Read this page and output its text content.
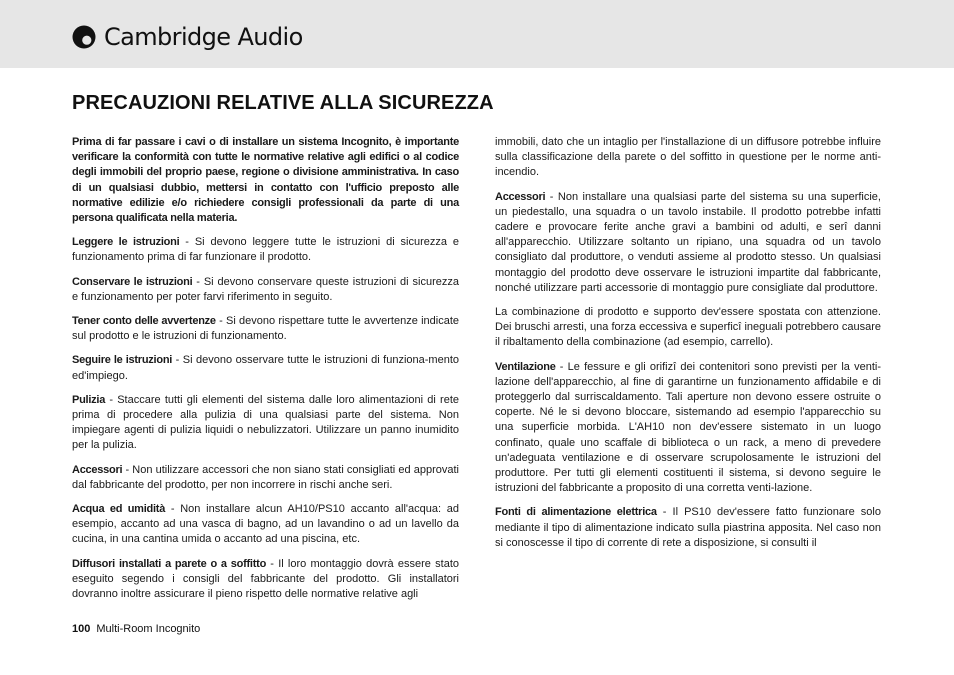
Cambridge Audio
PRECAUZIONI RELATIVE ALLA SICUREZZA

Prima di far passare i cavi o di installare un sistema Incognito, è importante verificare la conformità con tutte le normative relative agli edifici o al codice degli immobili del proprio paese, regione o divisione amministrativa. In caso di un qualsiasi dubbio, mettersi in contatto con l'ufficio preposto alle normative edilizie e/o richiedere consigli professionali da parte di una persona qualificata nella materia.

Leggere le istruzioni - Si devono leggere tutte le istruzioni di sicurezza e funzionamento prima di far funzionare il prodotto.

Conservare le istruzioni - Si devono conservare queste istruzioni di sicurezza e funzionamento per poter farvi riferimento in seguito.

Tener conto delle avvertenze - Si devono rispettare tutte le avvertenze indicate sul prodotto e le istruzioni di funzionamento.

Seguire le istruzioni - Si devono osservare tutte le istruzioni di funziona-mento ed'impiego.

Pulizia - Staccare tutti gli elementi del sistema dalle loro alimentazioni di rete prima di procedere alla pulizia di una qualsiasi parte del sistema. Non impiegare agenti di pulizia liquidi o nebulizzatori. Utilizzare un panno inumidito per la pulizia.

Accessori - Non utilizzare accessori che non siano stati consigliati ed approvati dal fabbricante del prodotto, per non incorrere in rischi anche seri.

Acqua ed umidità - Non installare alcun AH10/PS10 accanto all'acqua: ad esempio, accanto ad una vasca di bagno, ad un lavandino o ad un lavello da cucina, in una cantina umida o accanto ad una piscina, etc.

Diffusori installati a parete o a soffitto - Il loro montaggio dovrà essere stato eseguito segendo i consigli del fabbricante del prodotto. Gli installatori dovranno inoltre assicurare il pieno rispetto delle normative relative agli

immobili, dato che un intaglio per l'installazione di un diffusore potrebbe influire sulla classificazione della parete o del soffitto in questione per le norme anti-incendio.

Accessori - Non installare una qualsiasi parte del sistema su una superficie, un piedestallo, una squadra o un tavolo instabile. Il prodotto potrebbe infatti cadere e provocare ferite anche gravi a bambini od adulti, e serî danni all'apparecchio. Utilizzare soltanto un ripiano, una squadra od un tavolo consigliato dal produttore, o venduti assieme al prodotto stesso. Un qualsiasi montaggio del prodotto deve osservare le istruzioni impartite dal fabbricante, nonché utilizzare parti accessorie di montaggio pure consigliate dal produttore.

La combinazione di prodotto e supporto dev'essere spostata con attenzione. Dei bruschi arresti, una forza eccessiva e superficî ineguali potrebbero causare il ribaltamento della combinazione (ad esempio, carrello).

Ventilazione - Le fessure e gli orifizî dei contenitori sono previsti per la venti-lazione dell'apparecchio, al fine di garantirne un funzionamento affidabile e di proteggerlo dal surriscaldamento. Tali aperture non devono essere ostruite o coperte. Né le si devono bloccare, sistemando ad esempio l'apparecchio su una superficie morbida. L'AH10 non dev'essere sistemato in un luogo confinato, quale uno scaffale di biblioteca o un rack, a meno di prevedere un'adeguata ventilazione e di osservare scrupolosamente le istruzioni del produttore. Per tutti gli elementi costituenti il sistema, si devono seguire le istruzioni del fabbricante a proposito di una corretta venti-lazione.

Fonti di alimentazione elettrica - Il PS10 dev'essere fatto funzionare solo mediante il tipo di alimentazione indicato sulla piastrina apposita. Nel caso non si conoscesse il tipo di corrente di rete a disposizione, si consulti il

100 Multi-Room Incognito
